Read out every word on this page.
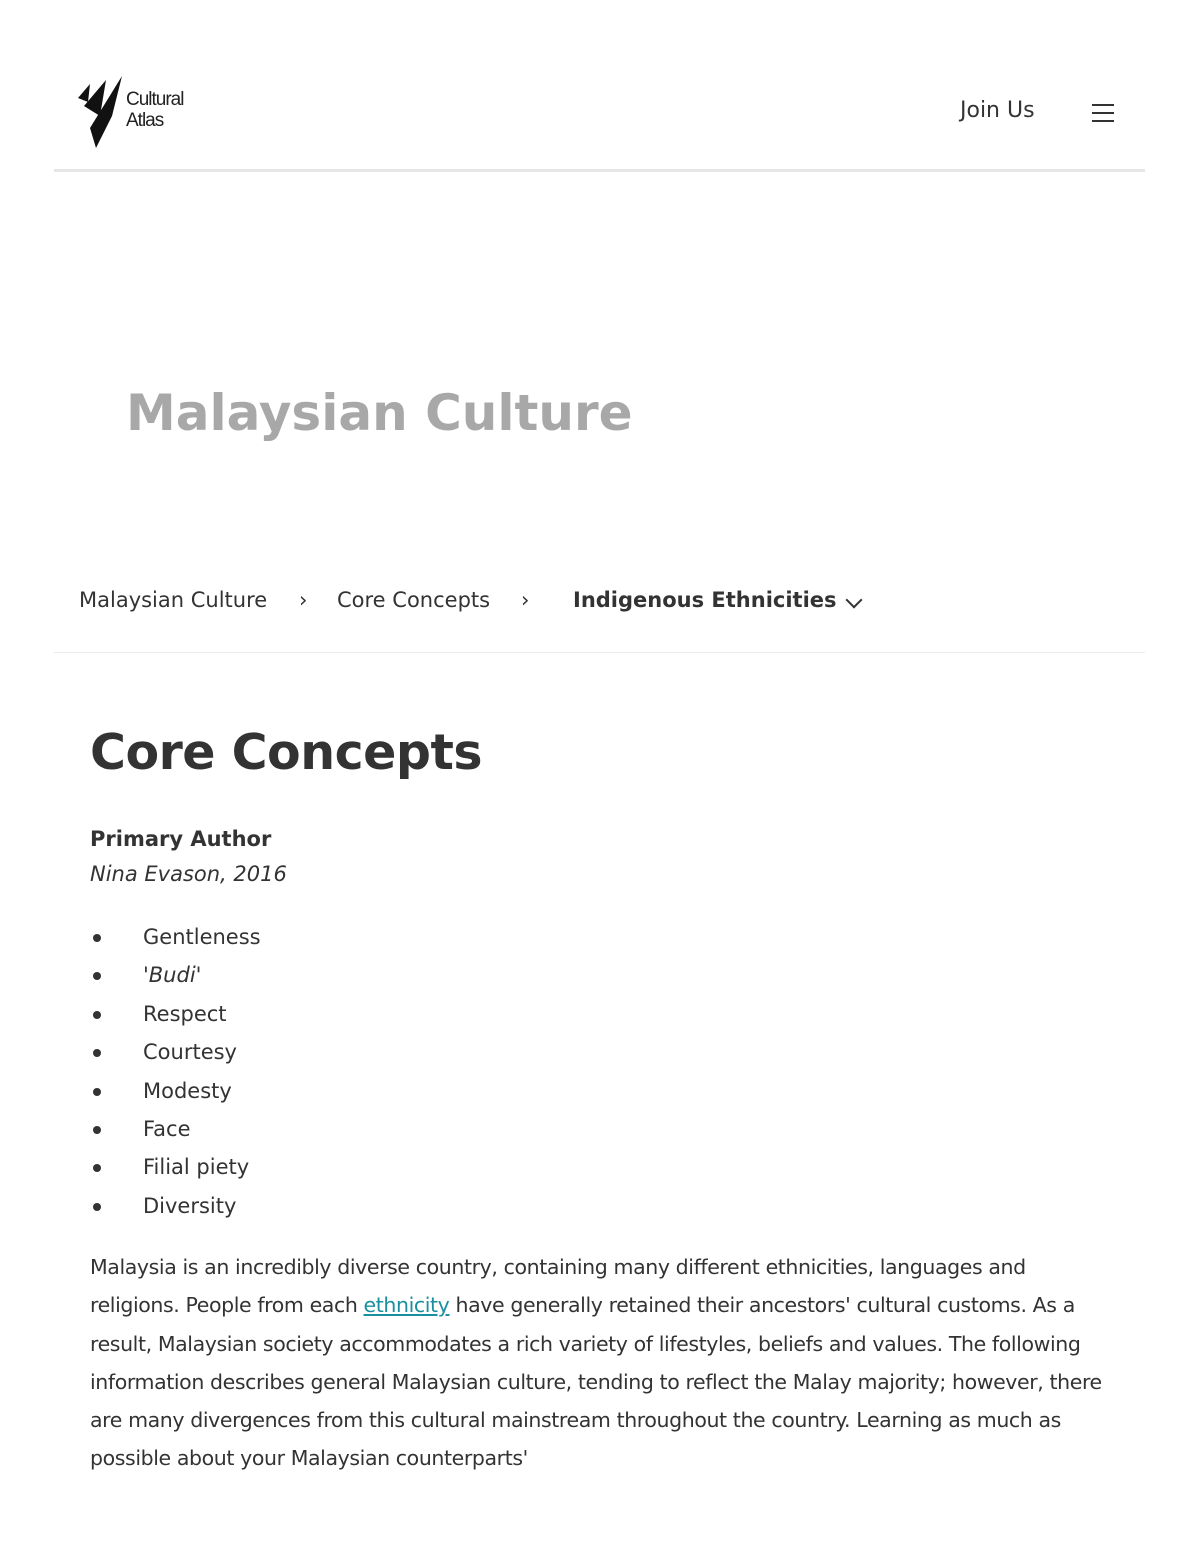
Cultural
Atlas	Join Us
Malaysian Culture
Malaysian Culture › Core Concepts › Indigenous Ethnicities
Core Concepts
Primary Author
Nina Evason, 2016
Gentleness
'Budi'
Respect
Courtesy
Modesty
Face
Filial piety
Diversity

Malaysia is an incredibly diverse country, containing many different ethnicities, languages and religions. People from each ethnicity have generally retained their ancestors' cultural customs. As a result, Malaysian society accommodates a rich variety of lifestyles, beliefs and values. The following information describes general Malaysian culture, tending to reflect the Malay majority; however, there are many divergences from this cultural mainstream throughout the country. Learning as much as possible about your Malaysian counterparts'
